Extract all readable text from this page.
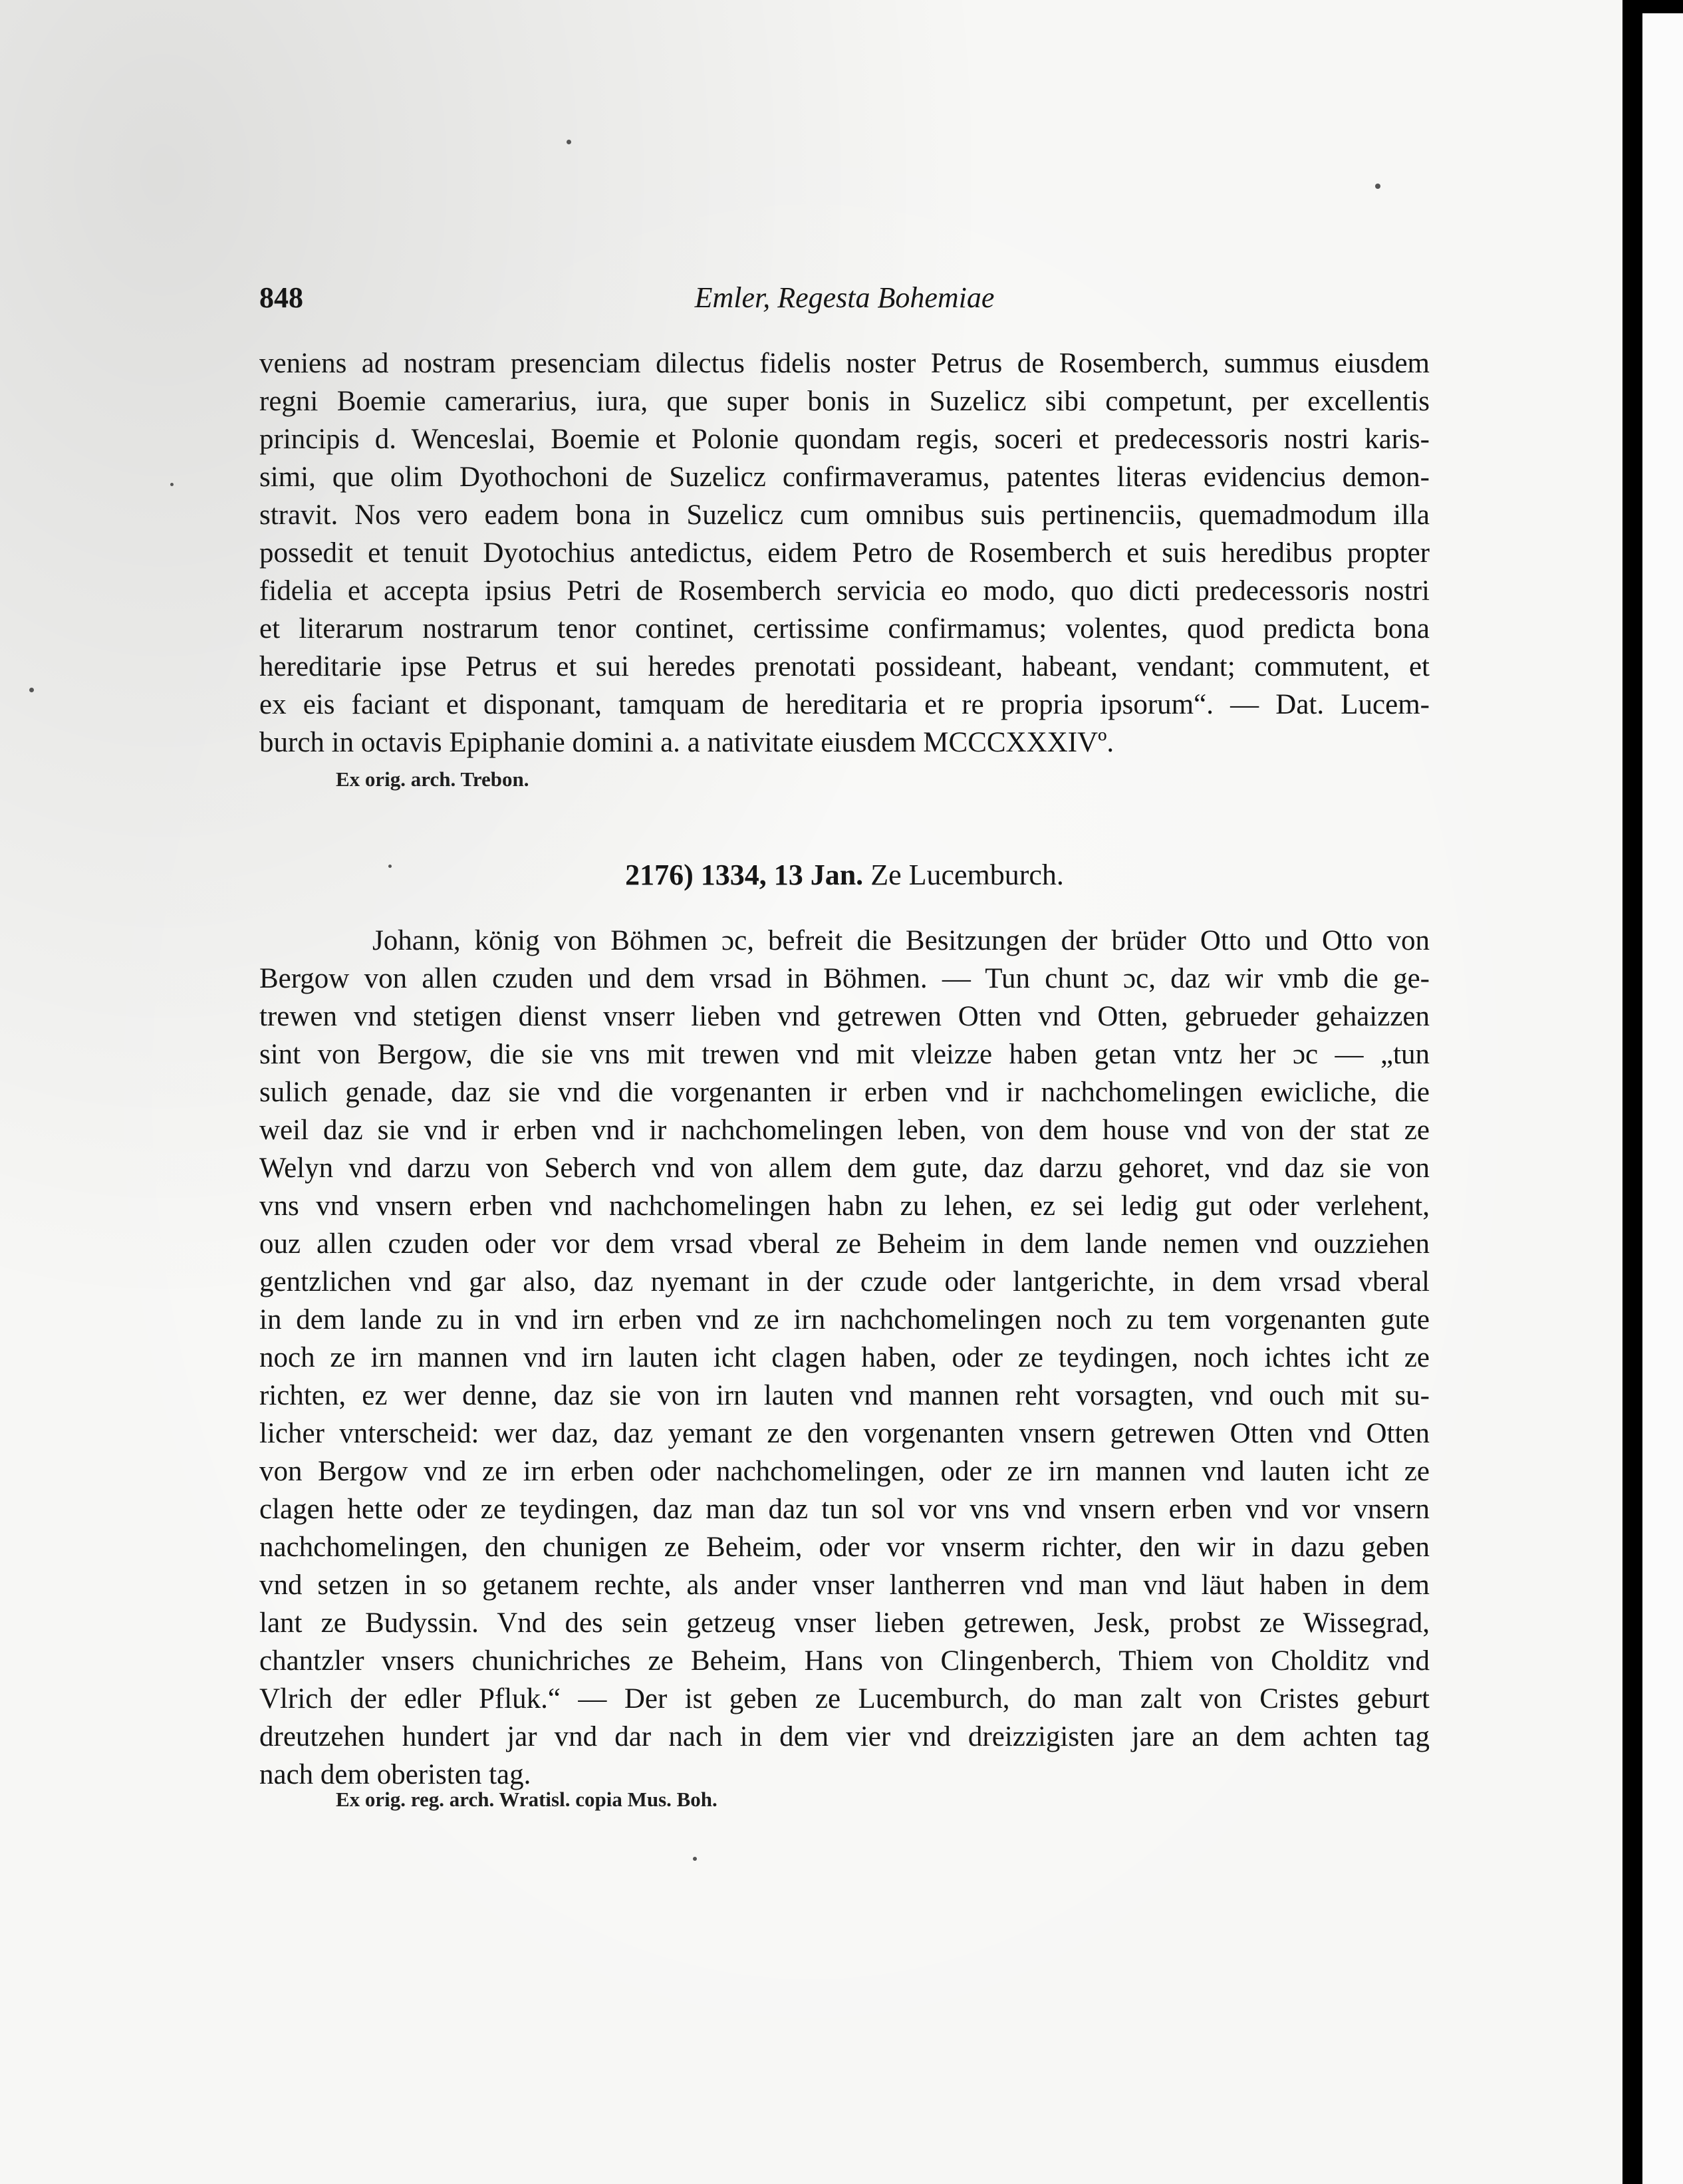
848	Emler, Regesta Bohemiae
veniens ad nostram presenciam dilectus fidelis noster Petrus de Rosemberch, summus eiusdem
regni Boemie camerarius, iura, que super bonis in Suzelicz sibi competunt, per excellentis
principis d. Wenceslai, Boemie et Polonie quondam regis, soceri et predecessoris nostri karis-
simi, que olim Dyothochoni de Suzelicz confirmaveramus, patentes literas evidencius demon-
stravit. Nos vero eadem bona in Suzelicz cum omnibus suis pertinenciis, quemadmodum illa
possedit et tenuit Dyotochius antedictus, eidem Petro de Rosemberch et suis heredibus propter
fidelia et accepta ipsius Petri de Rosemberch servicia eo modo, quo dicti predecessoris nostri
et literarum nostrarum tenor continet, certissime confirmamus; volentes, quod predicta bona
hereditarie ipse Petrus et sui heredes prenotati possideant, habeant, vendant; commutent, et
ex eis faciant et disponant, tamquam de hereditaria et re propria ipsorum“. — Dat. Lucem-
burch in octavis Epiphanie domini a. a nativitate eiusdem MCCCXXXIVº.
Ex orig. arch. Trebon.
2176) 1334, 13 Jan. Ze Lucemburch.
Johann, könig von Böhmen ɔc, befreit die Besitzungen der brüder Otto und Otto von
Bergow von allen czuden und dem vrsad in Böhmen. — Tun chunt ɔc, daz wir vmb die ge-
trewen vnd stetigen dienst vnserr lieben vnd getrewen Otten vnd Otten, gebrueder gehaizzen
sint von Bergow, die sie vns mit trewen vnd mit vleizze haben getan vntz her ɔc — „tun
sulich genade, daz sie vnd die vorgenanten ir erben vnd ir nachchomelingen ewicliche, die
weil daz sie vnd ir erben vnd ir nachchomelingen leben, von dem house vnd von der stat ze
Welyn vnd darzu von Seberch vnd von allem dem gute, daz darzu gehoret, vnd daz sie von
vns vnd vnsern erben vnd nachchomelingen habn zu lehen, ez sei ledig gut oder verlehent,
ouz allen czuden oder vor dem vrsad vberal ze Beheim in dem lande nemen vnd ouzziehen
gentzlichen vnd gar also, daz nyemant in der czude oder lantgerichte, in dem vrsad vberal
in dem lande zu in vnd irn erben vnd ze irn nachchomelingen noch zu tem vorgenanten gute
noch ze irn mannen vnd irn lauten icht clagen haben, oder ze teydingen, noch ichtes icht ze
richten, ez wer denne, daz sie von irn lauten vnd mannen reht vorsagten, vnd ouch mit su-
licher vnterscheid: wer daz, daz yemant ze den vorgenanten vnsern getrewen Otten vnd Otten
von Bergow vnd ze irn erben oder nachchomelingen, oder ze irn mannen vnd lauten icht ze
clagen hette oder ze teydingen, daz man daz tun sol vor vns vnd vnsern erben vnd vor vnsern
nachchomelingen, den chunigen ze Beheim, oder vor vnserm richter, den wir in dazu geben
vnd setzen in so getanem rechte, als ander vnser lantherren vnd man vnd läut haben in dem
lant ze Budyssin. Vnd des sein getzeug vnser lieben getrewen, Jesk, probst ze Wissegrad,
chantzler vnsers chunichriches ze Beheim, Hans von Clingenberch, Thiem von Cholditz vnd
Vlrich der edler Pfluk.“ — Der ist geben ze Lucemburch, do man zalt von Cristes geburt
dreutzehen hundert jar vnd dar nach in dem vier vnd dreizzigisten jare an dem achten tag
nach dem oberisten tag.
Ex orig. reg. arch. Wratisl. copia Mus. Boh.
